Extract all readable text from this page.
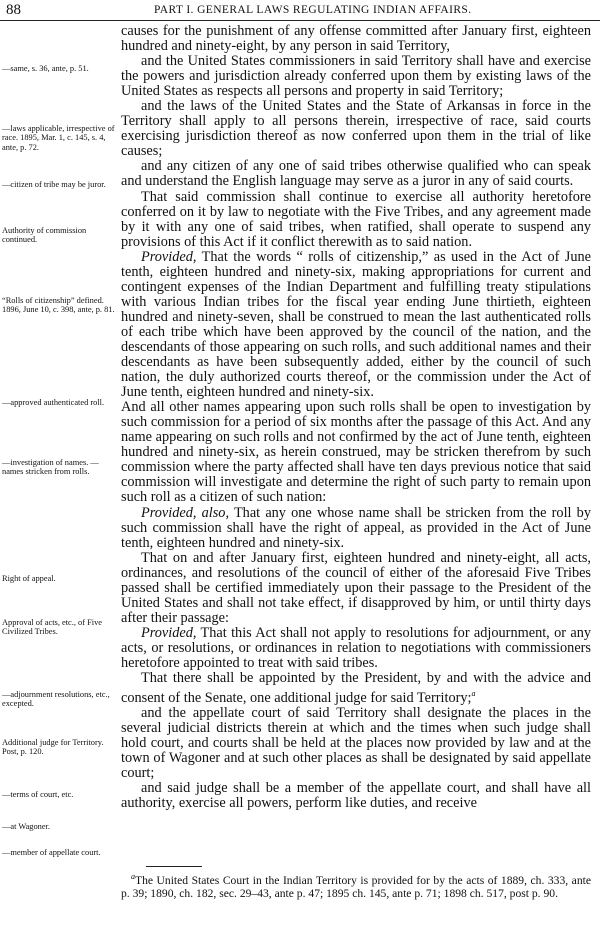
88	PART I. GENERAL LAWS REGULATING INDIAN AFFAIRS.

causes for the punishment of any offense committed after January first, eighteen hundred and ninety-eight, by any person in said Territory,

and the United States commissioners in said Territory shall have and exercise the powers and jurisdiction already conferred upon them by existing laws of the United States as respects all persons and property in said Territory;

and the laws of the United States and the State of Arkansas in force in the Territory shall apply to all persons therein, irrespective of race, said courts exercising jurisdiction thereof as now conferred upon them in the trial of like causes;

and any citizen of any one of said tribes otherwise qualified who can speak and understand the English language may serve as a juror in any of said courts.

That said commission shall continue to exercise all authority heretofore conferred on it by law to negotiate with the Five Tribes, and any agreement made by it with any one of said tribes, when ratified, shall operate to suspend any provisions of this Act if it conflict therewith as to said nation.

Provided, That the words “ rolls of citizenship,” as used in the Act of June tenth, eighteen hundred and ninety-six, making appropriations for current and contingent expenses of the Indian Department and fulfilling treaty stipulations with various Indian tribes for the fiscal year ending June thirtieth, eighteen hundred and ninety-seven, shall be construed to mean the last authenticated rolls of each tribe which have been approved by the council of the nation, and the descendants of those appearing on such rolls, and such additional names and their descendants as have been subsequently added, either by the council of such nation, the duly authorized courts thereof, or the commission under the Act of June tenth, eighteen hundred and ninety-six.

And all other names appearing upon such rolls shall be open to investigation by such commission for a period of six months after the passage of this Act. And any name appearing on such rolls and not confirmed by the act of June tenth, eighteen hundred and ninety-six, as herein construed, may be stricken therefrom by such commission where the party affected shall have ten days previous notice that said commission will investigate and determine the right of such party to remain upon such roll as a citizen of such nation:

Provided, also, That any one whose name shall be stricken from the roll by such commission shall have the right of appeal, as provided in the Act of June tenth, eighteen hundred and ninety-six.

That on and after January first, eighteen hundred and ninety-eight, all acts, ordinances, and resolutions of the council of either of the aforesaid Five Tribes passed shall be certified immediately upon their passage to the President of the United States and shall not take effect, if disapproved by him, or until thirty days after their passage:

Provided, That this Act shall not apply to resolutions for adjournment, or any acts, or resolutions, or ordinances in relation to negotiations with commissioners heretofore appointed to treat with said tribes.

That there shall be appointed by the President, by and with the advice and consent of the Senate, one additional judge for said Territory;$^a$

and the appellate court of said Territory shall designate the places in the several judicial districts therein at which and the times when such judge shall hold court, and courts shall be held at the places now provided by law and at the town of Wagoner and at such other places as shall be designated by said appellate court;

and said judge shall be a member of the appellate court, and shall have all authority, exercise all powers, perform like duties, and receive

—same, s. 36, ante, p. 51.
—laws applicable, irrespective of race. 1895, Mar. 1, c. 145, s. 4, ante, p. 72.
—citizen of tribe may be juror.
Authority of commission continued.
“Rolls of citizenship” defined. 1896, June 10, c. 398, ante, p. 81.
—approved authenticated roll.
—investigation of names. —names stricken from rolls.
Right of appeal.
Approval of acts, etc., of Five Civilized Tribes.
—adjournment resolutions, etc., excepted.
Additional judge for Territory. Post, p. 120.
—terms of court, etc.
—at Wagoner.
—member of appellate court.
$^a$The United States Court in the Indian Territory is provided for by the acts of 1889, ch. 333, ante p. 39; 1890, ch. 182, sec. 29–43, ante p. 47; 1895 ch. 145, ante p. 71; 1898 ch. 517, post p. 90.
